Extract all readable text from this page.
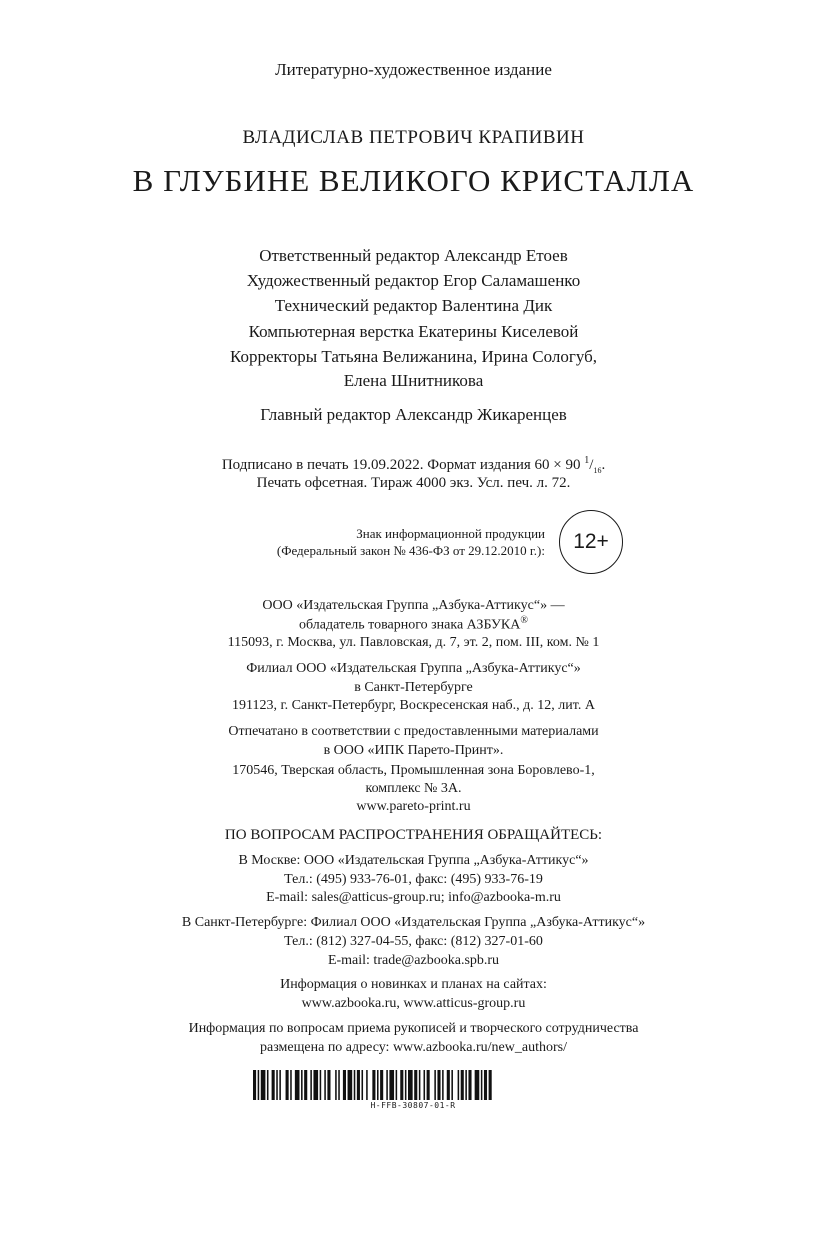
Литературно-художественное издание
ВЛАДИСЛАВ ПЕТРОВИЧ КРАПИВИН
В ГЛУБИНЕ ВЕЛИКОГО КРИСТАЛЛА
Ответственный редактор Александр Етоев
Художественный редактор Егор Саламашенко
Технический редактор Валентина Дик
Компьютерная верстка Екатерины Киселевой
Корректоры Татьяна Велижанина, Ирина Сологуб,
Елена Шнитникова
Главный редактор Александр Жикаренцев
Подписано в печать 19.09.2022. Формат издания 60 × 90 $^1/_{16}$.
Печать офсетная. Тираж 4000 экз. Усл. печ. л. 72.
Знак информационной продукции
(Федеральный закон № 436-ФЗ от 29.12.2010 г.):	12+
ООО «Издательская Группа „Азбука-Аттикус“» —
обладатель товарного знака АЗБУКА®
115093, г. Москва, ул. Павловская, д. 7, эт. 2, пом. III, ком. № 1
Филиал ООО «Издательская Группа „Азбука-Аттикус“»
в Санкт-Петербурге
191123, г. Санкт-Петербург, Воскресенская наб., д. 12, лит. А
Отпечатано в соответствии с предоставленными материалами
в ООО «ИПК Парето-Принт».
170546, Тверская область, Промышленная зона Боровлево-1,
комплекс № 3А.
www.pareto-print.ru
ПО ВОПРОСАМ РАСПРОСТРАНЕНИЯ ОБРАЩАЙТЕСЬ:
В Москве: ООО «Издательская Группа „Азбука-Аттикус“»
Тел.: (495) 933-76-01, факс: (495) 933-76-19
E-mail: sales@atticus-group.ru; info@azbooka-m.ru
В Санкт-Петербурге: Филиал ООО «Издательская Группа „Азбука-Аттикус“»
Тел.: (812) 327-04-55, факс: (812) 327-01-60
E-mail: trade@azbooka.spb.ru
Информация о новинках и планах на сайтах:
www.azbooka.ru, www.atticus-group.ru
Информация по вопросам приема рукописей и творческого сотрудничества
размещена по адресу: www.azbooka.ru/new_authors/
H-FFB-30807-01-R
